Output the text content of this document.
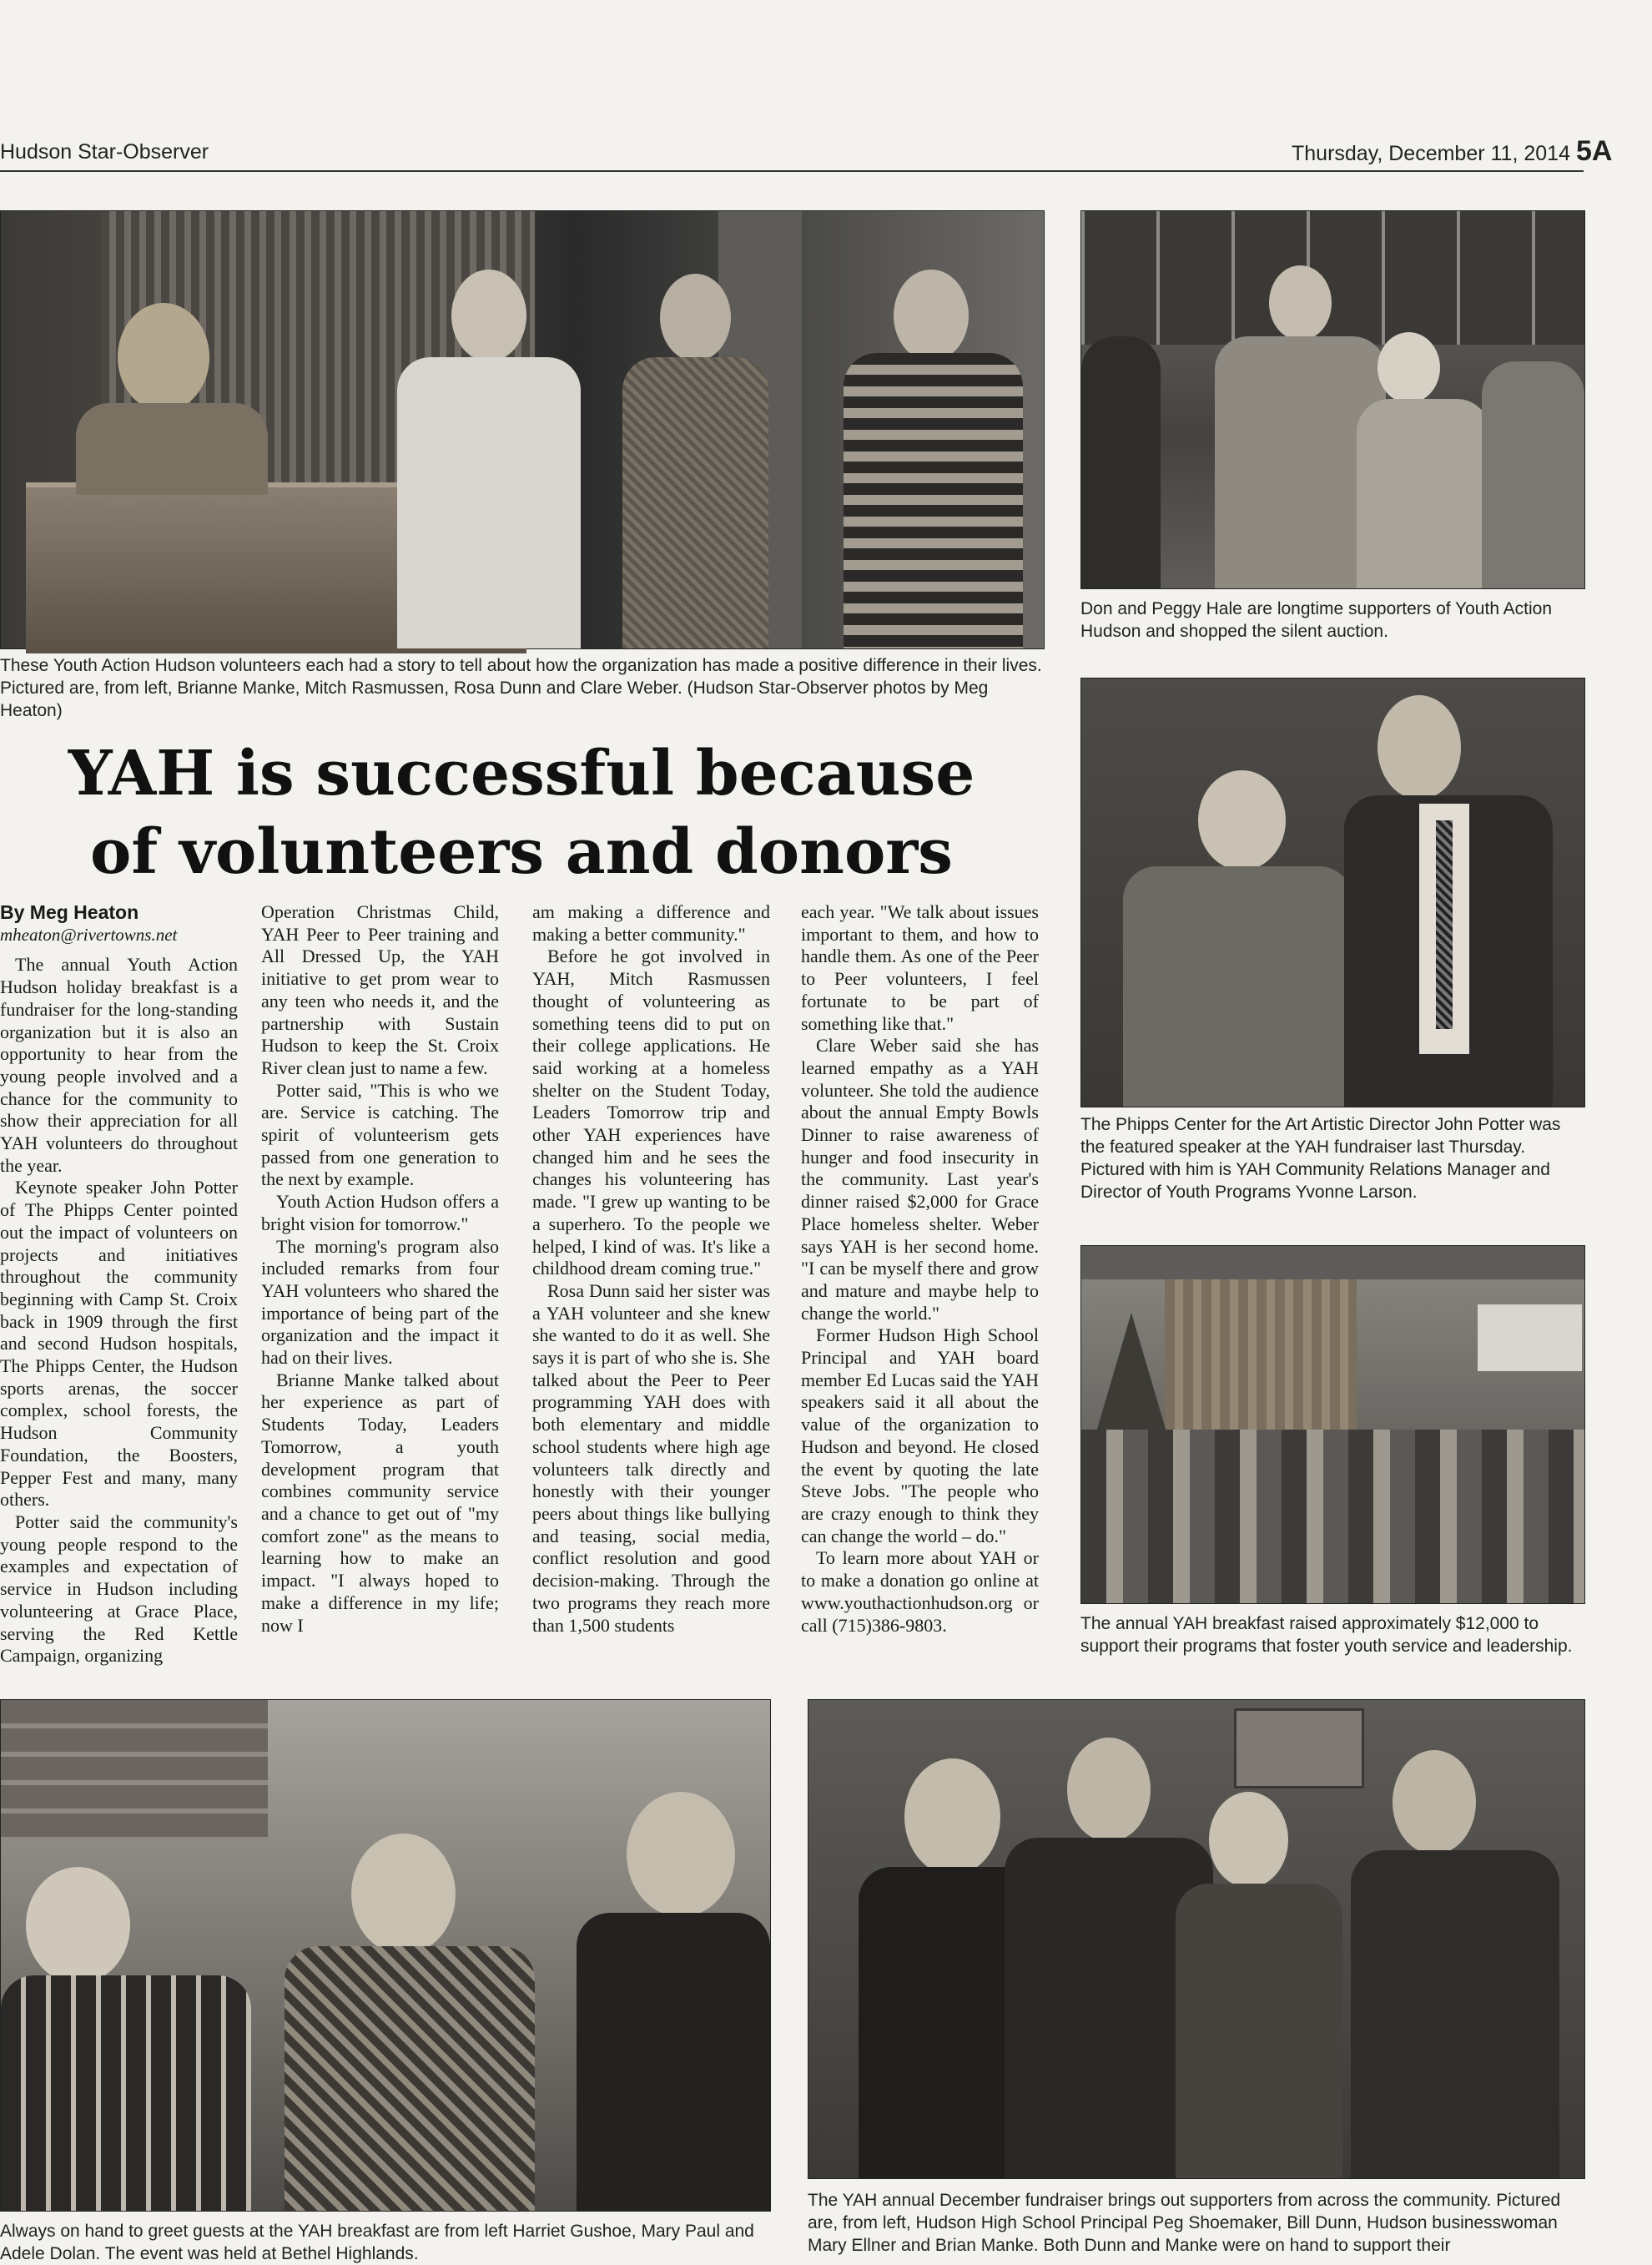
Hudson Star-Observer	Thursday, December 11, 2014 5A
These Youth Action Hudson volunteers each had a story to tell about how the organization has made a positive difference in their lives. Pictured are, from left, Brianne Manke, Mitch Rasmussen, Rosa Dunn and Clare Weber. (Hudson Star-Observer photos by Meg Heaton)
Don and Peggy Hale are longtime supporters of Youth Action Hudson and shopped the silent auction.
The Phipps Center for the Art Artistic Director John Potter was the featured speaker at the YAH fundraiser last Thursday. Pictured with him is YAH Community Relations Manager and Director of Youth Programs Yvonne Larson.
The annual YAH breakfast raised approximately $12,000 to support their programs that foster youth service and leadership.
YAH is successful because
of volunteers and donors
By Meg Heaton
mheaton@rivertowns.net

The annual Youth Action Hudson holiday breakfast is a fundraiser for the long-standing organization but it is also an opportunity to hear from the young people involved and a chance for the community to show their appreciation for all YAH volunteers do throughout the year.

Keynote speaker John Potter of The Phipps Center pointed out the impact of volunteers on projects and initiatives throughout the community beginning with Camp St. Croix back in 1909 through the first and second Hudson hospitals, The Phipps Center, the Hudson sports arenas, the soccer complex, school forests, the Hudson Community Foundation, the Boosters, Pepper Fest and many, many others.

Potter said the community's young people respond to the examples and expectation of service in Hudson including volunteering at Grace Place, serving the Red Kettle Campaign, organizing

Operation Christmas Child, YAH Peer to Peer training and All Dressed Up, the YAH initiative to get prom wear to any teen who needs it, and the partnership with Sustain Hudson to keep the St. Croix River clean just to name a few.

Potter said, "This is who we are. Service is catching. The spirit of volunteerism gets passed from one generation to the next by example.

Youth Action Hudson offers a bright vision for tomorrow."

The morning's program also included remarks from four YAH volunteers who shared the importance of being part of the organization and the impact it had on their lives.

Brianne Manke talked about her experience as part of Students Today, Leaders Tomorrow, a youth development program that combines community service and a chance to get out of "my comfort zone" as the means to learning how to make an impact. "I always hoped to make a difference in my life; now I

am making a difference and making a better community."

Before he got involved in YAH, Mitch Rasmussen thought of volunteering as something teens did to put on their college applications. He said working at a homeless shelter on the Student Today, Leaders Tomorrow trip and other YAH experiences have changed him and he sees the changes his volunteering has made. "I grew up wanting to be a superhero. To the people we helped, I kind of was. It's like a childhood dream coming true."

Rosa Dunn said her sister was a YAH volunteer and she knew she wanted to do it as well. She says it is part of who she is. She talked about the Peer to Peer programming YAH does with both elementary and middle school students where high age volunteers talk directly and honestly with their younger peers about things like bullying and teasing, social media, conflict resolution and good decision-making. Through the two programs they reach more than 1,500 students

each year. "We talk about issues important to them, and how to handle them. As one of the Peer to Peer volunteers, I feel fortunate to be part of something like that."

Clare Weber said she has learned empathy as a YAH volunteer. She told the audience about the annual Empty Bowls Dinner to raise awareness of hunger and food insecurity in the community. Last year's dinner raised $2,000 for Grace Place homeless shelter. Weber says YAH is her second home. "I can be myself there and grow and mature and maybe help to change the world."

Former Hudson High School Principal and YAH board member Ed Lucas said the YAH speakers said it all about the value of the organization to Hudson and beyond. He closed the event by quoting the late Steve Jobs. "The people who are crazy enough to think they can change the world – do."

To learn more about YAH or to make a donation go online at www.youthactionhudson.org or call (715)386-9803.

Always on hand to greet guests at the YAH breakfast are from left Harriet Gushoe, Mary Paul and Adele Dolan. The event was held at Bethel Highlands.
The YAH annual December fundraiser brings out supporters from across the community. Pictured are, from left, Hudson High School Principal Peg Shoemaker, Bill Dunn, Hudson businesswoman Mary Ellner and Brian Manke. Both Dunn and Manke were on hand to support their
